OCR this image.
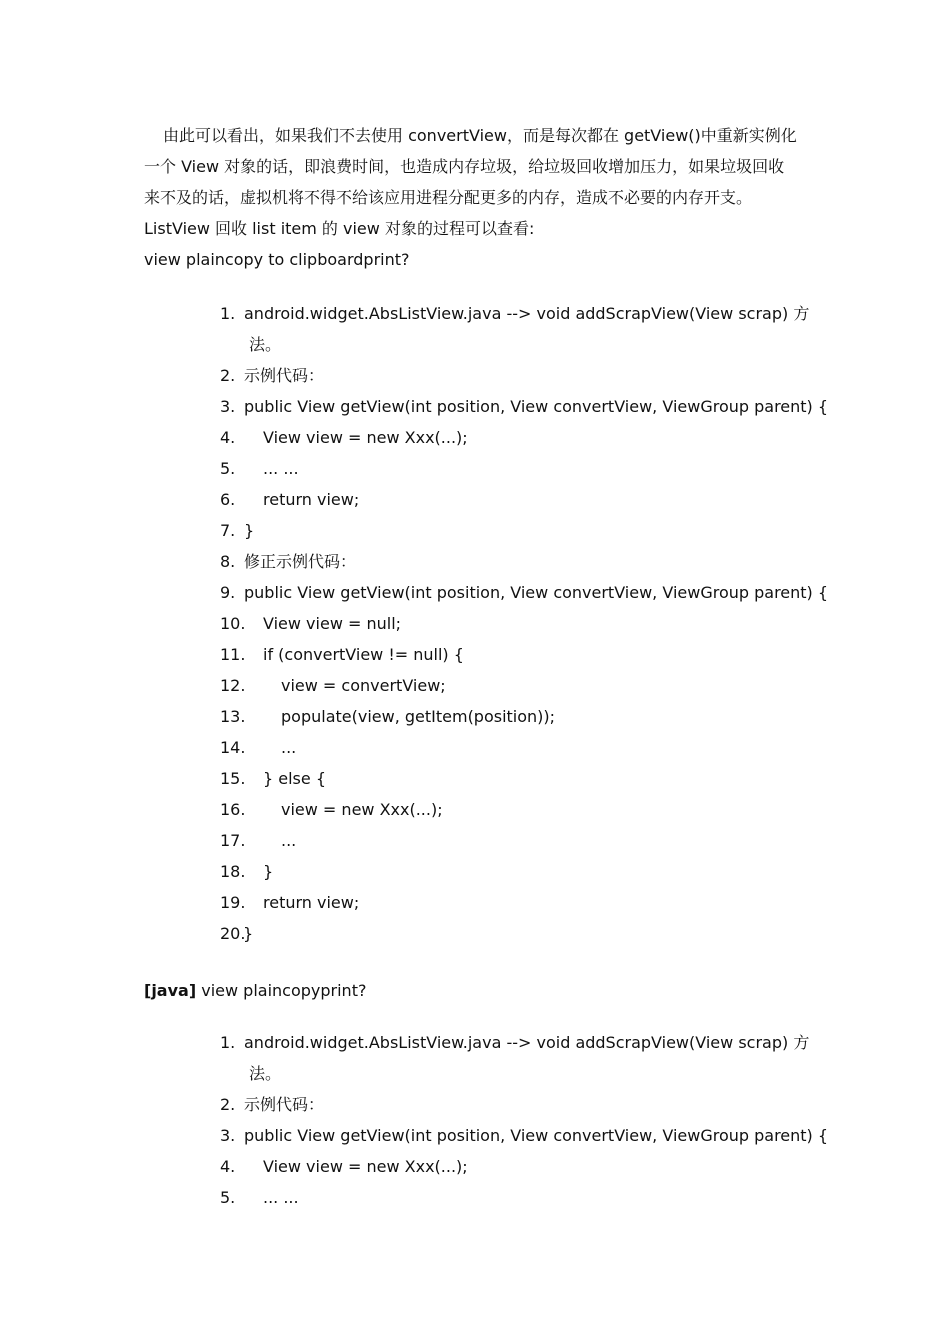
由此可以看出，如果我们不去使用 convertView，而是每次都在 getView()中重新实例化
一个 View 对象的话，即浪费时间，也造成内存垃圾，给垃圾回收增加压力，如果垃圾回收
来不及的话，虚拟机将不得不给该应用进程分配更多的内存，造成不必要的内存开支。
ListView 回收 list item 的 view 对象的过程可以查看:
view plaincopy to clipboardprint?
1. android.widget.AbsListView.java --> void addScrapView(View scrap) 方
法。
2. 示例代码：
3. public View getView(int position, View convertView, ViewGroup parent) {
4. View view = new Xxx(...);
5. ... ...
6. return view;
7. }
8. 修正示例代码：
9. public View getView(int position, View convertView, ViewGroup parent) {
10. View view = null;
11. if (convertView != null) {
12. view = convertView;
13. populate(view, getItem(position));
14. ...
15. } else {
16. view = new Xxx(...);
17. ...
18. }
19. return view;
20.
}
[java] view plaincopyprint?
1. android.widget.AbsListView.java --> void addScrapView(View scrap) 方
法。
2. 示例代码：
3. public View getView(int position, View convertView, ViewGroup parent) {
4. View view = new Xxx(...);
5. ... ...
